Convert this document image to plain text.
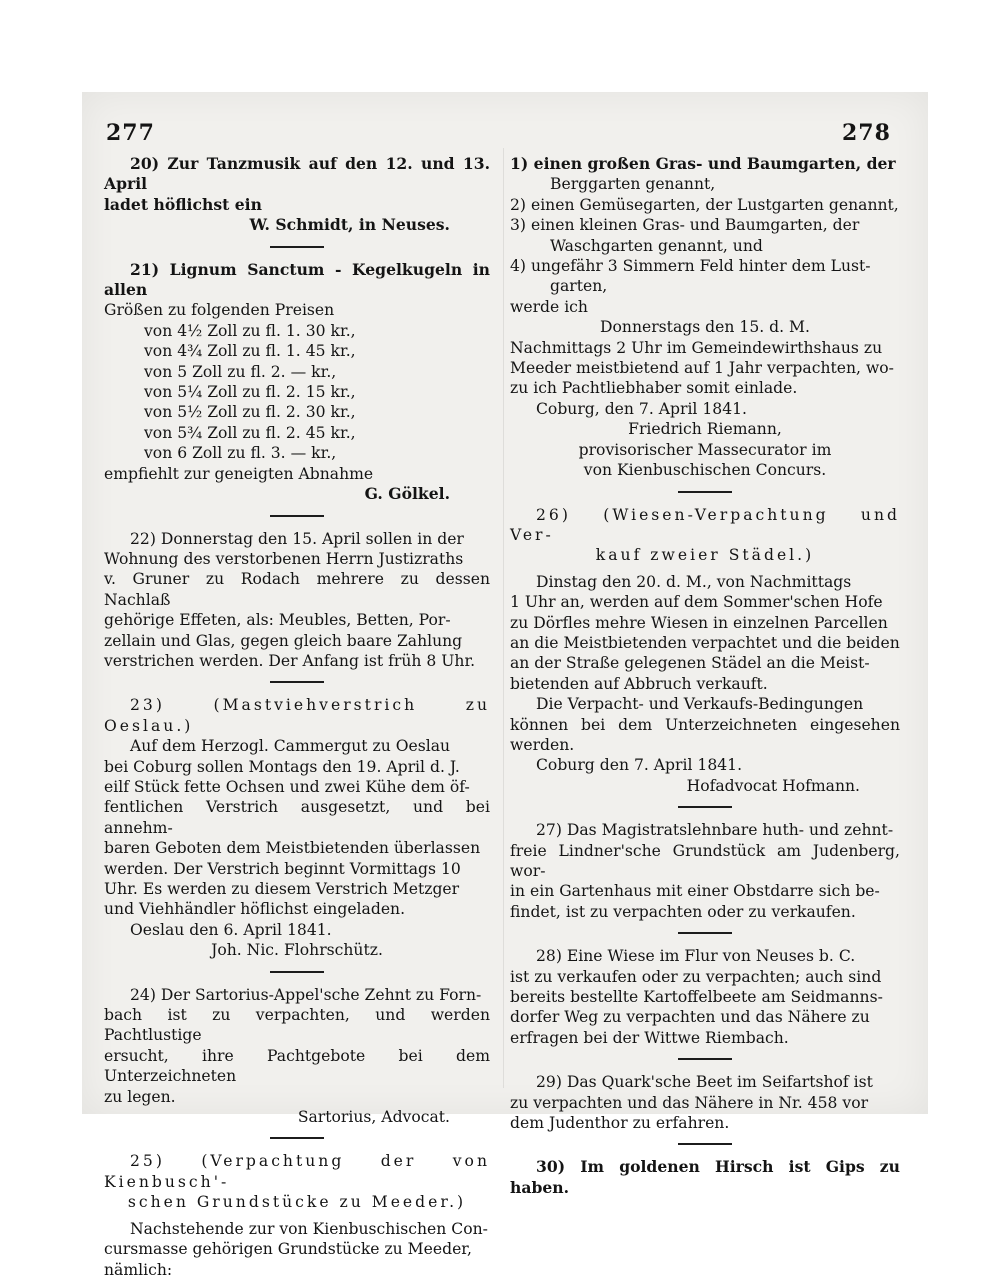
277	278

20) Zur Tanzmusik auf den 12. und 13. April

ladet höflichst ein

W. Schmidt, in Neuses.

21) Lignum Sanctum - Kegelkugeln in allen

Größen zu folgenden Preisen

von 4½ Zoll zu fl. 1. 30 kr.,

von 4¾ Zoll zu fl. 1. 45 kr.,

von 5 Zoll zu fl. 2. — kr.,

von 5¼ Zoll zu fl. 2. 15 kr.,

von 5½ Zoll zu fl. 2. 30 kr.,

von 5¾ Zoll zu fl. 2. 45 kr.,

von 6 Zoll zu fl. 3. — kr.,

empfiehlt zur geneigten Abnahme

G. Gölkel.

22) Donnerstag den 15. April sollen in der

Wohnung des verstorbenen Herrn Justizraths

v. Gruner zu Rodach mehrere zu dessen Nachlaß

gehörige Effeten, als: Meubles, Betten, Por-

zellain und Glas, gegen gleich baare Zahlung

verstrichen werden. Der Anfang ist früh 8 Uhr.

23) (Mastviehverstrich zu Oeslau.)

Auf dem Herzogl. Cammergut zu Oeslau

bei Coburg sollen Montags den 19. April d. J.

eilf Stück fette Ochsen und zwei Kühe dem öf-

fentlichen Verstrich ausgesetzt, und bei annehm-

baren Geboten dem Meistbietenden überlassen

werden. Der Verstrich beginnt Vormittags 10

Uhr. Es werden zu diesem Verstrich Metzger

und Viehhändler höflichst eingeladen.

Oeslau den 6. April 1841.

Joh. Nic. Flohrschütz.

24) Der Sartorius-Appel'sche Zehnt zu Forn-

bach ist zu verpachten, und werden Pachtlustige

ersucht, ihre Pachtgebote bei dem Unterzeichneten

zu legen.

Sartorius, Advocat.

25) (Verpachtung der von Kienbusch'-

schen Grundstücke zu Meeder.)

Nachstehende zur von Kienbuschischen Con-

cursmasse gehörigen Grundstücke zu Meeder,

nämlich:

1) einen großen Gras- und Baumgarten, der

Berggarten genannt,

2) einen Gemüsegarten, der Lustgarten genannt,

3) einen kleinen Gras- und Baumgarten, der

Waschgarten genannt, und

4) ungefähr 3 Simmern Feld hinter dem Lust-

garten,

werde ich

Donnerstags den 15. d. M.

Nachmittags 2 Uhr im Gemeindewirthshaus zu

Meeder meistbietend auf 1 Jahr verpachten, wo-

zu ich Pachtliebhaber somit einlade.

Coburg, den 7. April 1841.

Friedrich Riemann,

provisorischer Massecurator im

von Kienbuschischen Concurs.

26) (Wiesen-Verpachtung und Ver-

kauf zweier Städel.)

Dinstag den 20. d. M., von Nachmittags

1 Uhr an, werden auf dem Sommer'schen Hofe

zu Dörfles mehre Wiesen in einzelnen Parcellen

an die Meistbietenden verpachtet und die beiden

an der Straße gelegenen Städel an die Meist-

bietenden auf Abbruch verkauft.

Die Verpacht- und Verkaufs-Bedingungen

können bei dem Unterzeichneten eingesehen werden.

Coburg den 7. April 1841.

Hofadvocat Hofmann.

27) Das Magistratslehnbare huth- und zehnt-

freie Lindner'sche Grundstück am Judenberg, wor-

in ein Gartenhaus mit einer Obstdarre sich be-

findet, ist zu verpachten oder zu verkaufen.

28) Eine Wiese im Flur von Neuses b. C.

ist zu verkaufen oder zu verpachten; auch sind

bereits bestellte Kartoffelbeete am Seidmanns-

dorfer Weg zu verpachten und das Nähere zu

erfragen bei der Wittwe Riembach.

29) Das Quark'sche Beet im Seifartshof ist

zu verpachten und das Nähere in Nr. 458 vor

dem Judenthor zu erfahren.

30) Im goldenen Hirsch ist Gips zu haben.
